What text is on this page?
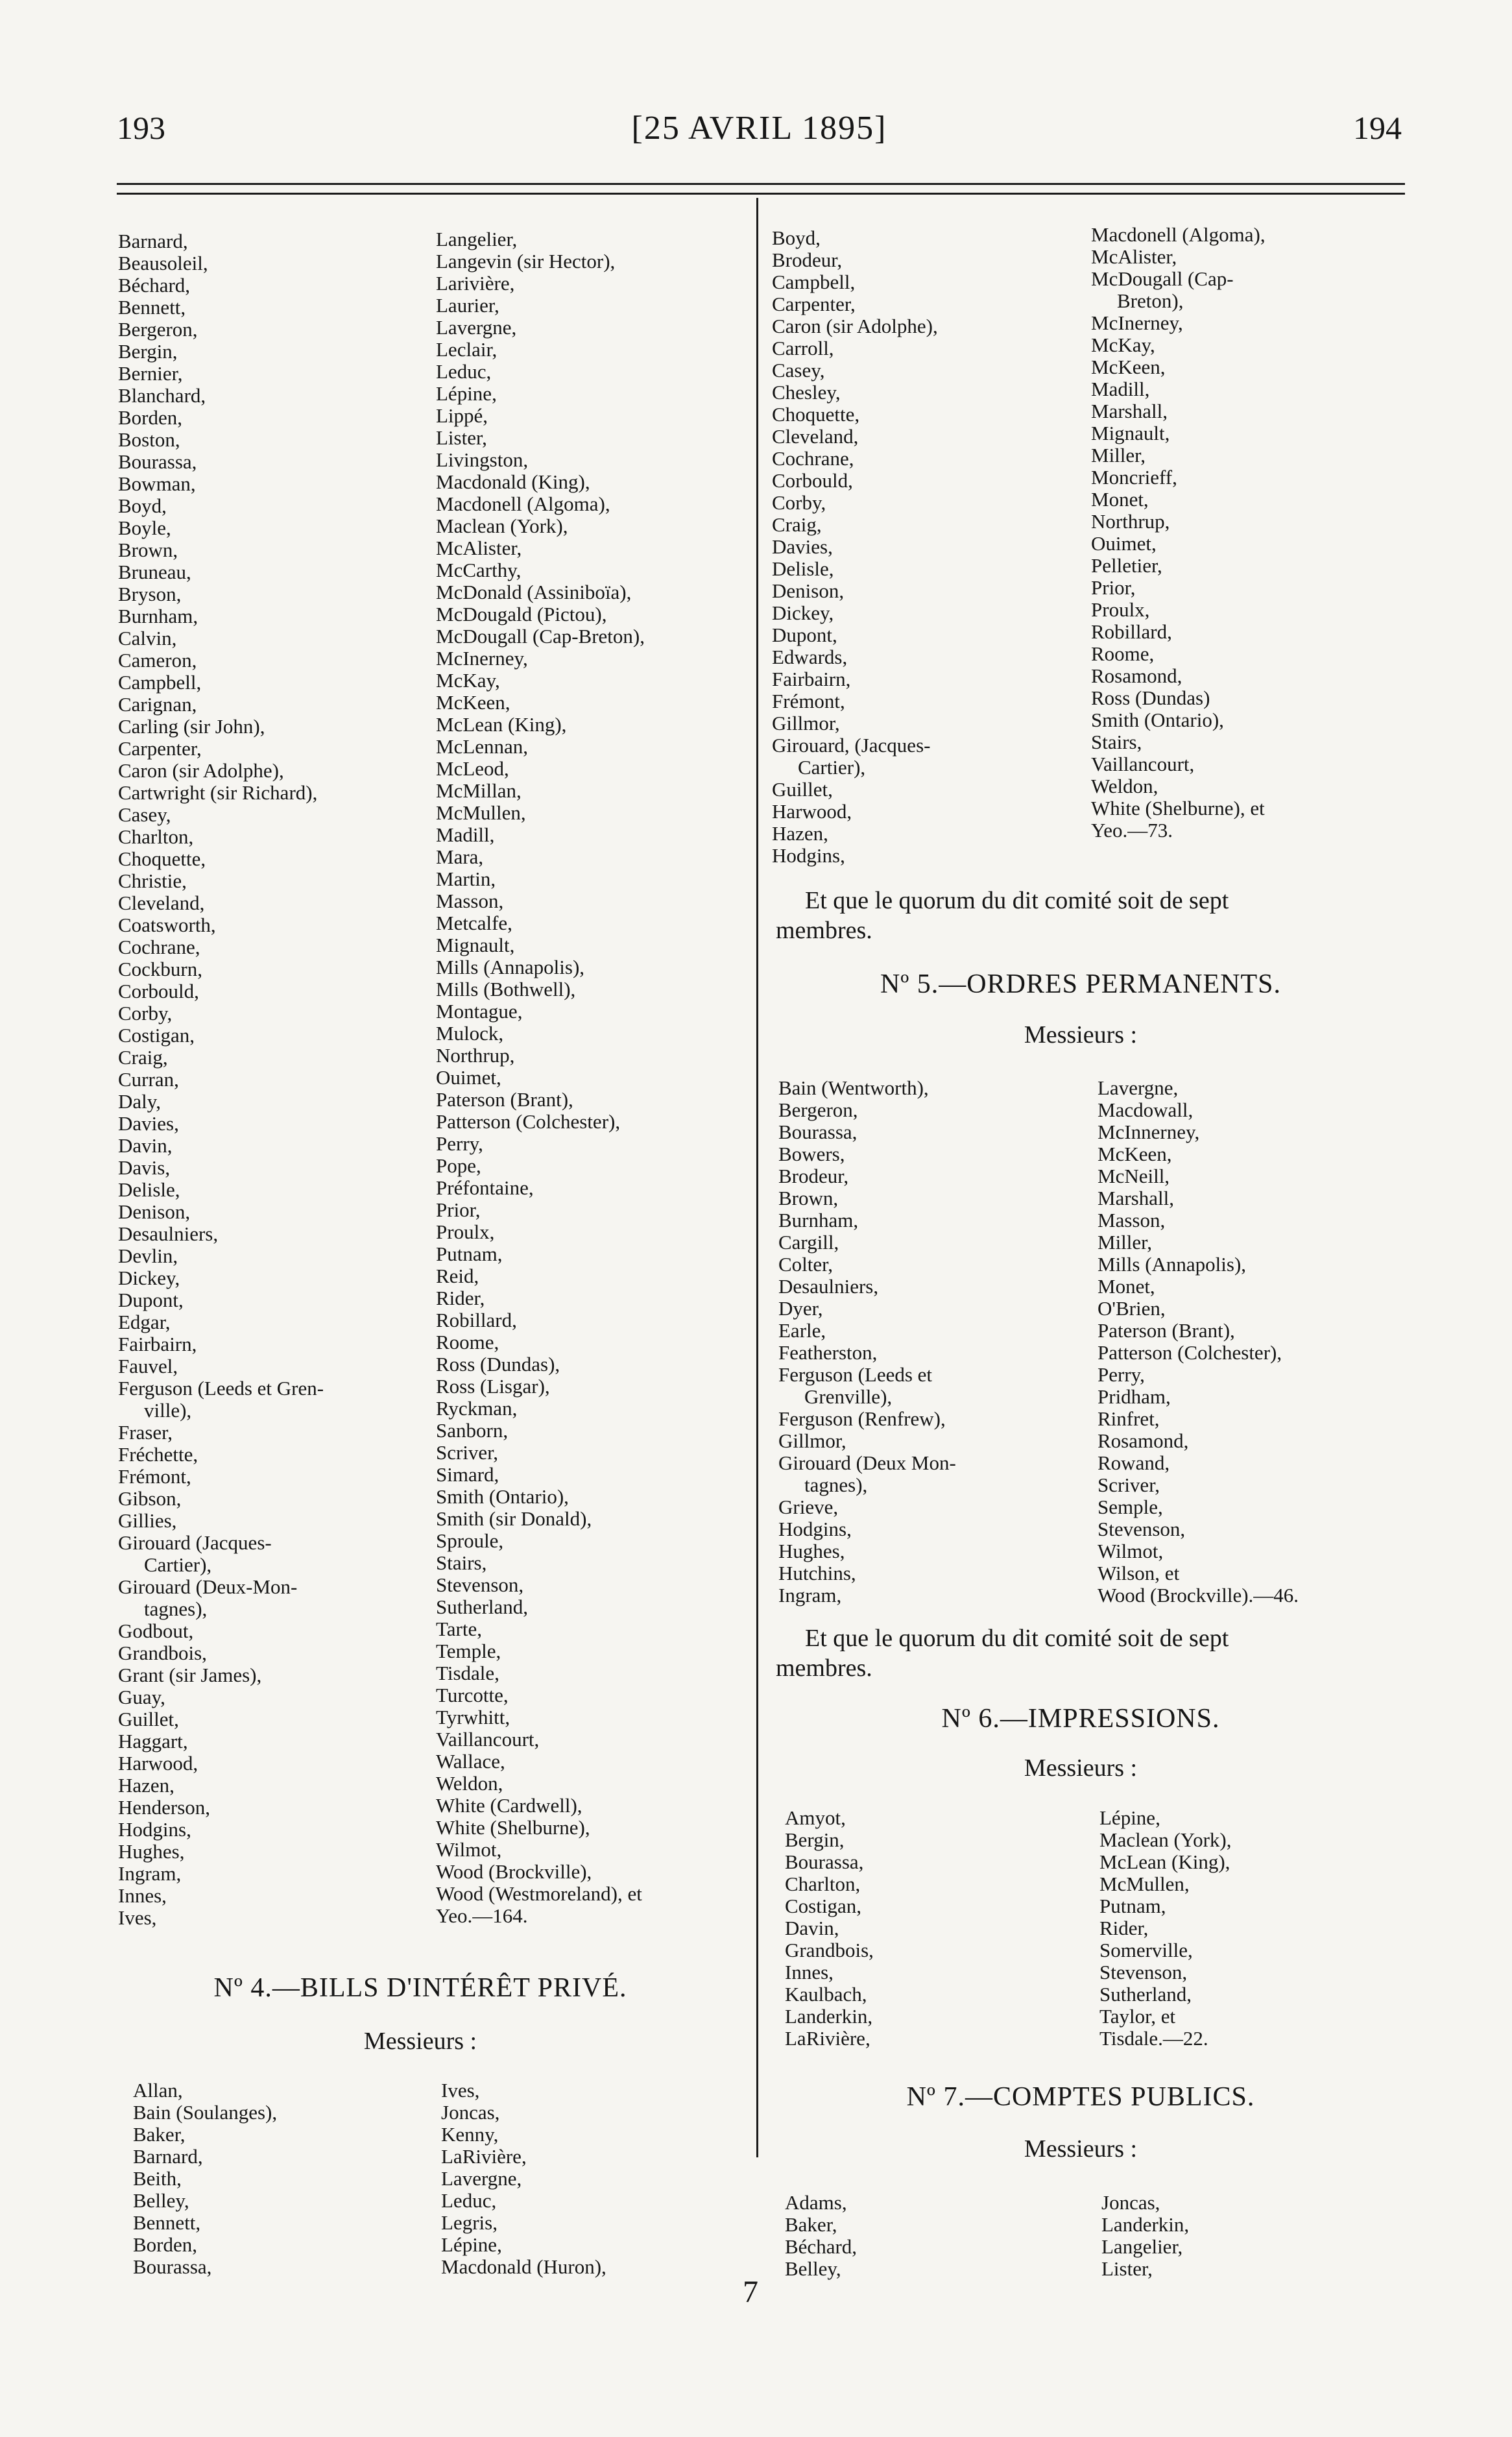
193	[25 AVRIL 1895]	194
Barnard,
Beausoleil,
Béchard,
Bennett,
Bergeron,
Bergin,
Bernier,
Blanchard,
Borden,
Boston,
Bourassa,
Bowman,
Boyd,
Boyle,
Brown,
Bruneau,
Bryson,
Burnham,
Calvin,
Cameron,
Campbell,
Carignan,
Carling (sir John),
Carpenter,
Caron (sir Adolphe),
Cartwright (sir Richard),
Casey,
Charlton,
Choquette,
Christie,
Cleveland,
Coatsworth,
Cochrane,
Cockburn,
Corbould,
Corby,
Costigan,
Craig,
Curran,
Daly,
Davies,
Davin,
Davis,
Delisle,
Denison,
Desaulniers,
Devlin,
Dickey,
Dupont,
Edgar,
Fairbairn,
Fauvel,
Ferguson (Leeds et Gren-
ville),
Fraser,
Fréchette,
Frémont,
Gibson,
Gillies,
Girouard (Jacques-
Cartier),
Girouard (Deux-Mon-
tagnes),
Godbout,
Grandbois,
Grant (sir James),
Guay,
Guillet,
Haggart,
Harwood,
Hazen,
Henderson,
Hodgins,
Hughes,
Ingram,
Innes,
Ives,
Langelier,
Langevin (sir Hector),
Larivière,
Laurier,
Lavergne,
Leclair,
Leduc,
Lépine,
Lippé,
Lister,
Livingston,
Macdonald (King),
Macdonell (Algoma),
Maclean (York),
McAlister,
McCarthy,
McDonald (Assiniboïa),
McDougald (Pictou),
McDougall (Cap-Breton),
McInerney,
McKay,
McKeen,
McLean (King),
McLennan,
McLeod,
McMillan,
McMullen,
Madill,
Mara,
Martin,
Masson,
Metcalfe,
Mignault,
Mills (Annapolis),
Mills (Bothwell),
Montague,
Mulock,
Northrup,
Ouimet,
Paterson (Brant),
Patterson (Colchester),
Perry,
Pope,
Préfontaine,
Prior,
Proulx,
Putnam,
Reid,
Rider,
Robillard,
Roome,
Ross (Dundas),
Ross (Lisgar),
Ryckman,
Sanborn,
Scriver,
Simard,
Smith (Ontario),
Smith (sir Donald),
Sproule,
Stairs,
Stevenson,
Sutherland,
Tarte,
Temple,
Tisdale,
Turcotte,
Tyrwhitt,
Vaillancourt,
Wallace,
Weldon,
White (Cardwell),
White (Shelburne),
Wilmot,
Wood (Brockville),
Wood (Westmoreland), et
Yeo.—164.
Nº 4.—BILLS D'INTÉRÊT PRIVÉ.
Messieurs :
Allan,
Bain (Soulanges),
Baker,
Barnard,
Beith,
Belley,
Bennett,
Borden,
Bourassa,
Ives,
Joncas,
Kenny,
LaRivière,
Lavergne,
Leduc,
Legris,
Lépine,
Macdonald (Huron),
Boyd,
Brodeur,
Campbell,
Carpenter,
Caron (sir Adolphe),
Carroll,
Casey,
Chesley,
Choquette,
Cleveland,
Cochrane,
Corbould,
Corby,
Craig,
Davies,
Delisle,
Denison,
Dickey,
Dupont,
Edwards,
Fairbairn,
Frémont,
Gillmor,
Girouard, (Jacques-
Cartier),
Guillet,
Harwood,
Hazen,
Hodgins,
Macdonell (Algoma),
McAlister,
McDougall (Cap-
Breton),
McInerney,
McKay,
McKeen,
Madill,
Marshall,
Mignault,
Miller,
Moncrieff,
Monet,
Northrup,
Ouimet,
Pelletier,
Prior,
Proulx,
Robillard,
Roome,
Rosamond,
Ross (Dundas)
Smith (Ontario),
Stairs,
Vaillancourt,
Weldon,
White (Shelburne), et
Yeo.—73.
Et que le quorum du dit comité soit de sept
membres.
Nº 5.—ORDRES PERMANENTS.
Messieurs :
Bain (Wentworth),
Bergeron,
Bourassa,
Bowers,
Brodeur,
Brown,
Burnham,
Cargill,
Colter,
Desaulniers,
Dyer,
Earle,
Featherston,
Ferguson (Leeds et
Grenville),
Ferguson (Renfrew),
Gillmor,
Girouard (Deux Mon-
tagnes),
Grieve,
Hodgins,
Hughes,
Hutchins,
Ingram,
Lavergne,
Macdowall,
McInnerney,
McKeen,
McNeill,
Marshall,
Masson,
Miller,
Mills (Annapolis),
Monet,
O'Brien,
Paterson (Brant),
Patterson (Colchester),
Perry,
Pridham,
Rinfret,
Rosamond,
Rowand,
Scriver,
Semple,
Stevenson,
Wilmot,
Wilson, et
Wood (Brockville).—46.
Et que le quorum du dit comité soit de sept
membres.
Nº 6.—IMPRESSIONS.
Messieurs :
Amyot,
Bergin,
Bourassa,
Charlton,
Costigan,
Davin,
Grandbois,
Innes,
Kaulbach,
Landerkin,
LaRivière,
Lépine,
Maclean (York),
McLean (King),
McMullen,
Putnam,
Rider,
Somerville,
Stevenson,
Sutherland,
Taylor, et
Tisdale.—22.
Nº 7.—COMPTES PUBLICS.
Messieurs :
Adams,
Baker,
Béchard,
Belley,
Joncas,
Landerkin,
Langelier,
Lister,
7
